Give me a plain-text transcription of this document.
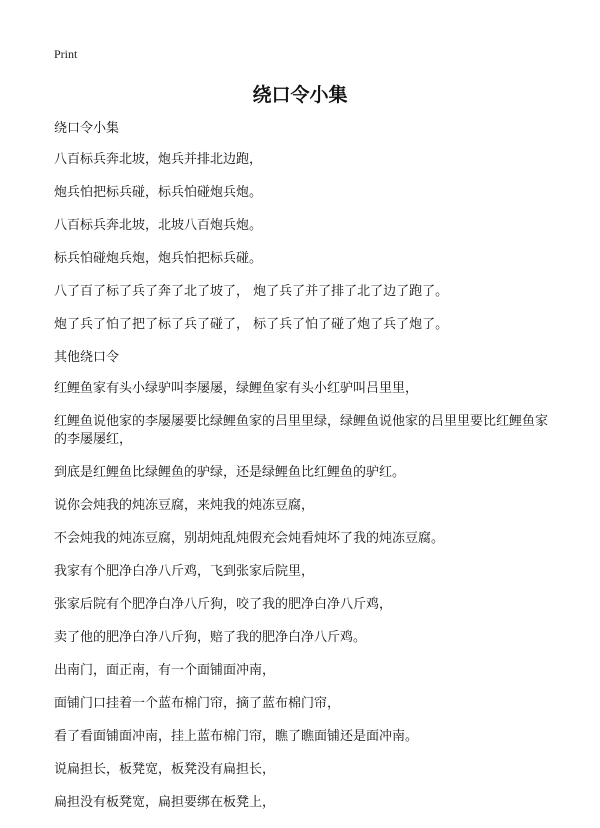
Print
绕口令小集

绕口令小集

八百标兵奔北坡，炮兵并排北边跑，

炮兵怕把标兵碰，标兵怕碰炮兵炮。

八百标兵奔北坡，北坡八百炮兵炮。

标兵怕碰炮兵炮，炮兵怕把标兵碰。

八了百了标了兵了奔了北了坡了， 炮了兵了并了排了北了边了跑了。

炮了兵了怕了把了标了兵了碰了， 标了兵了怕了碰了炮了兵了炮了。

其他绕口令

红鲤鱼家有头小绿驴叫李屡屡，绿鲤鱼家有头小红驴叫吕里里，

红鲤鱼说他家的李屡屡要比绿鲤鱼家的吕里里绿，绿鲤鱼说他家的吕里里要比红鲤鱼家的李屡屡红，

到底是红鲤鱼比绿鲤鱼的驴绿，还是绿鲤鱼比红鲤鱼的驴红。

说你会炖我的炖冻豆腐，来炖我的炖冻豆腐，

不会炖我的炖冻豆腐，别胡炖乱炖假充会炖看炖坏了我的炖冻豆腐。

我家有个肥净白净八斤鸡，飞到张家后院里，

张家后院有个肥净白净八斤狗，咬了我的肥净白净八斤鸡，

卖了他的肥净白净八斤狗，赔了我的肥净白净八斤鸡。

出南门，面正南，有一个面铺面冲南，

面铺门口挂着一个蓝布棉门帘，摘了蓝布棉门帘，

看了看面铺面冲南，挂上蓝布棉门帘，瞧了瞧面铺还是面冲南。

说扁担长，板凳宽，板凳没有扁担长，

扁担没有板凳宽，扁担要绑在板凳上，
